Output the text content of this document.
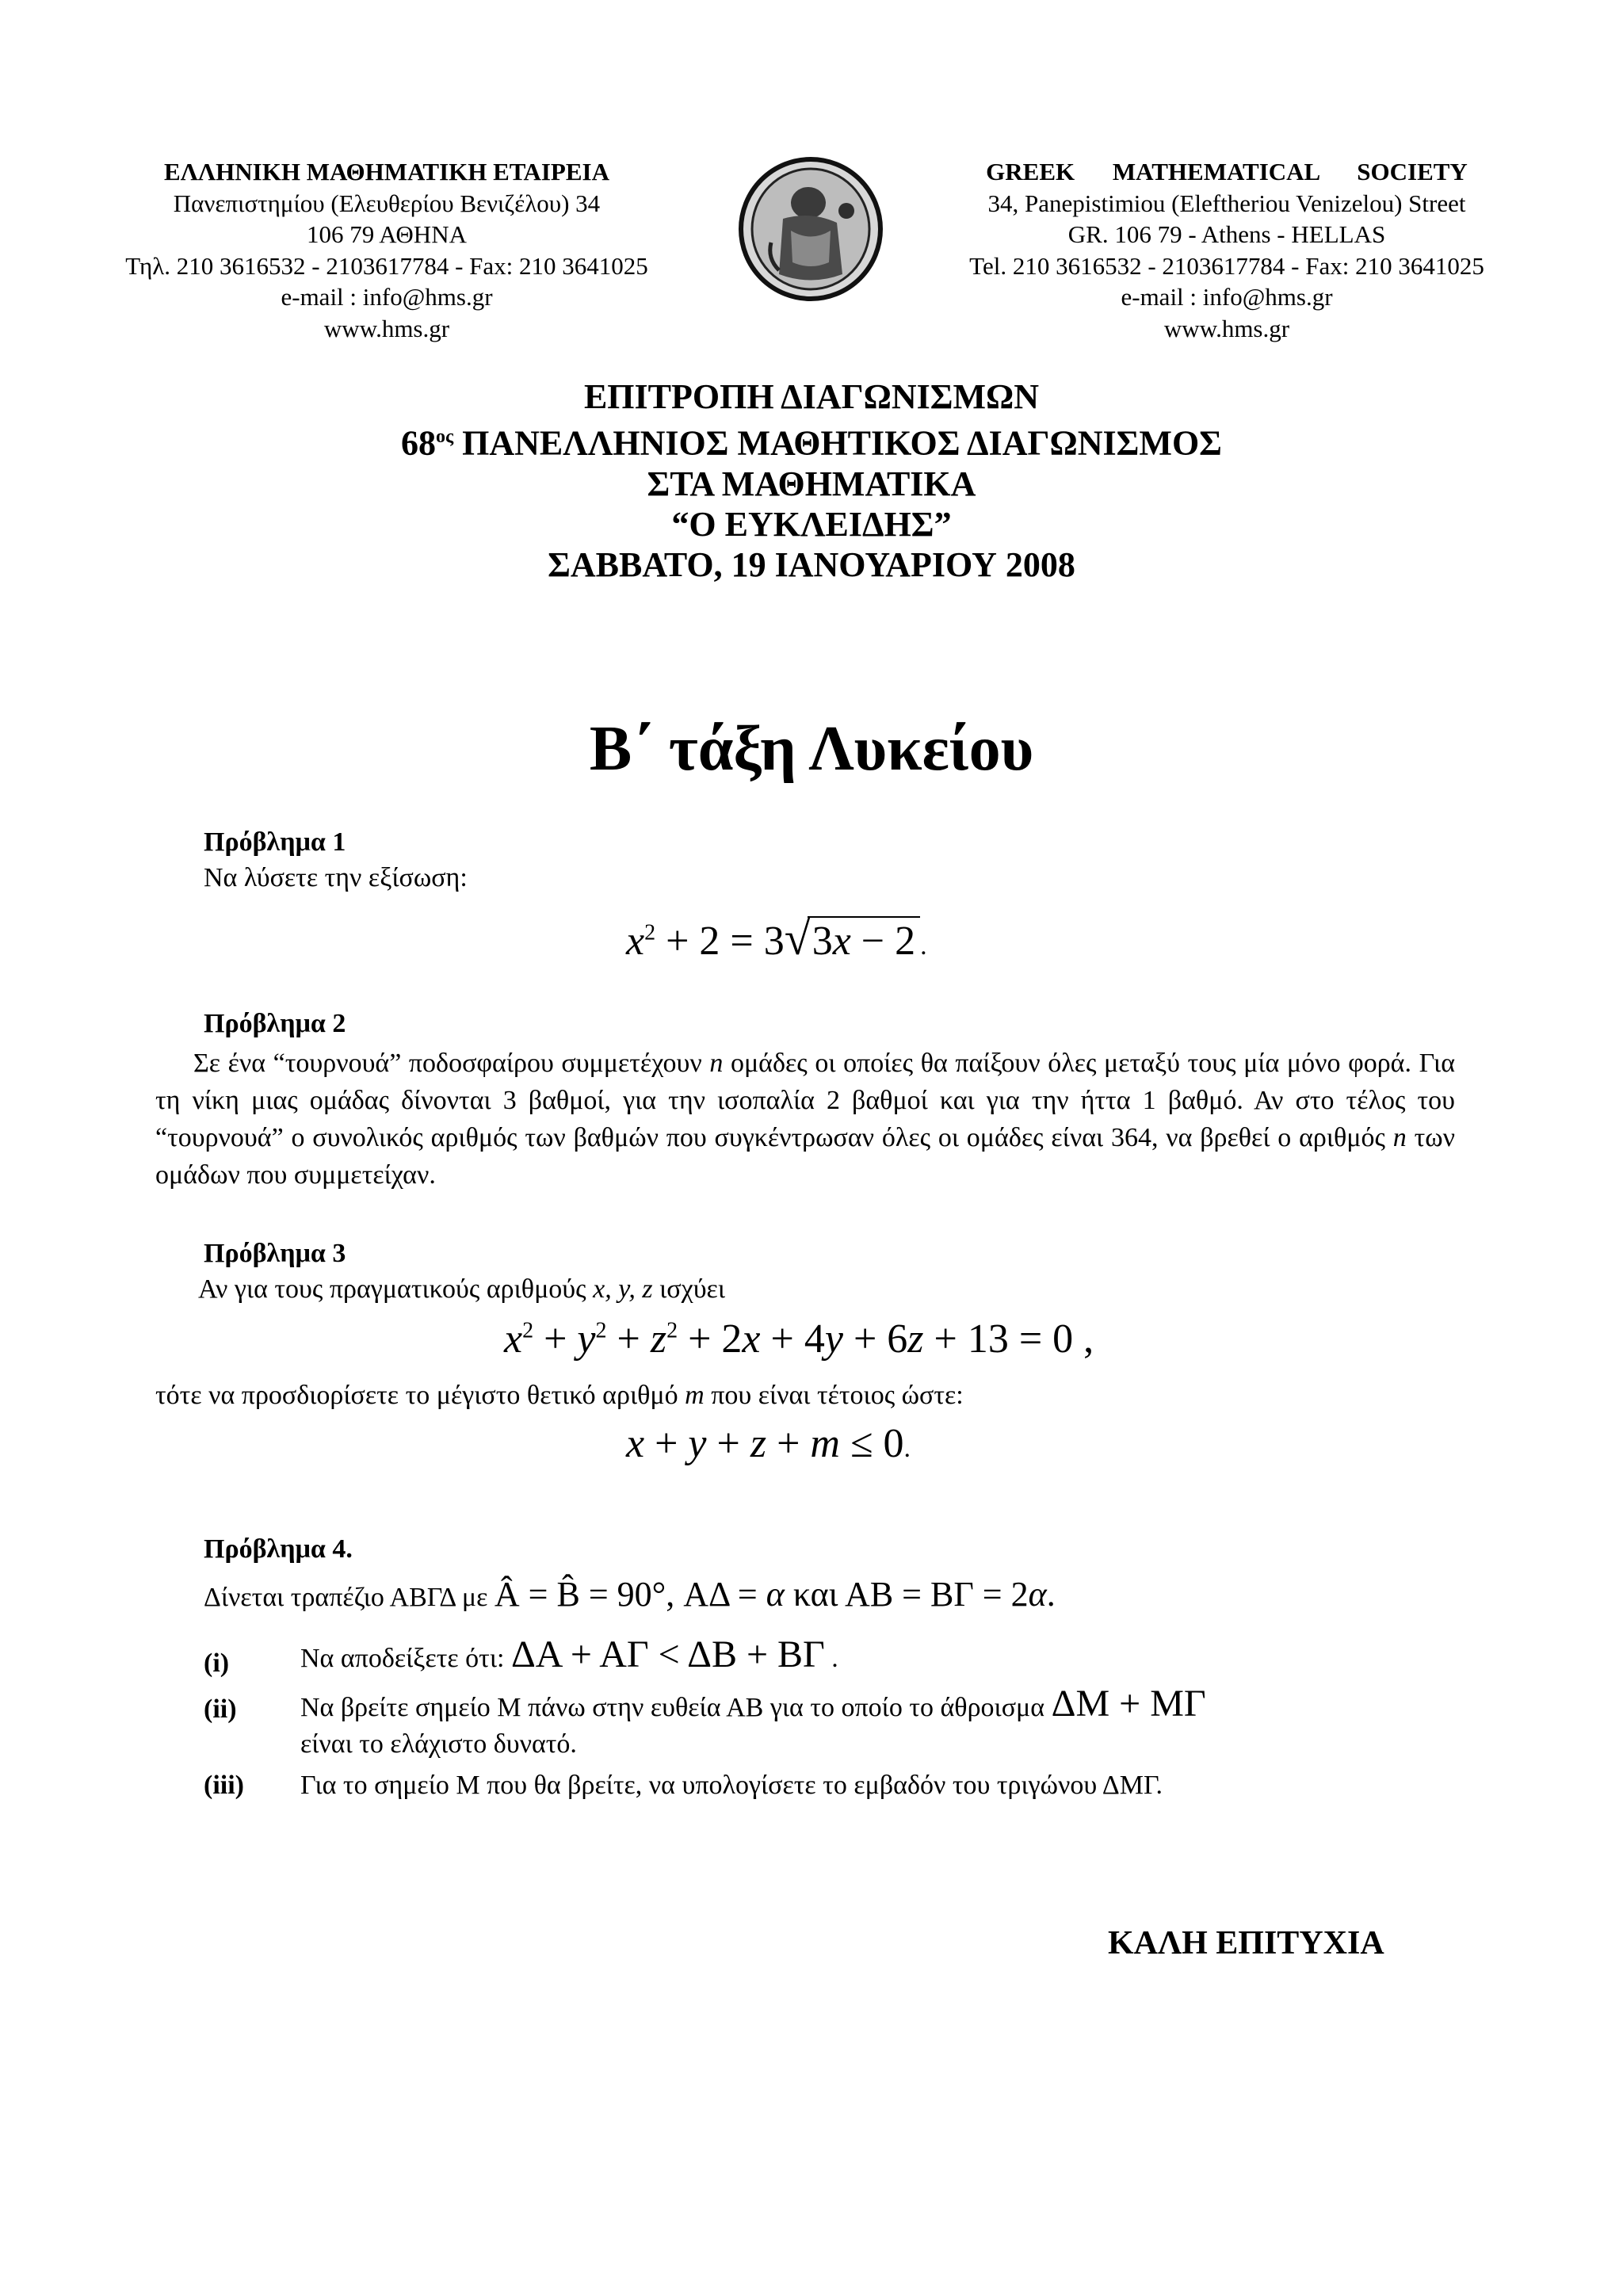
ΕΛΛΗΝΙΚΗ ΜΑΘΗΜΑΤΙΚΗ ΕΤΑΙΡΕΙΑ
Πανεπιστημίου (Ελευθερίου Βενιζέλου) 34
106 79 ΑΘΗΝΑ
Τηλ. 210 3616532 - 2103617784 - Fax: 210 3641025
e-mail : info@hms.gr
www.hms.gr
GREEK MATHEMATICAL SOCIETY
34, Panepistimiou (Eleftheriou Venizelou) Street
GR. 106 79 - Athens - HELLAS
Tel. 210 3616532 - 2103617784 - Fax: 210 3641025
e-mail : info@hms.gr
www.hms.gr
ΕΠΙΤΡΟΠΗ ΔΙΑΓΩΝΙΣΜΩΝ
$68^{o\varsigma}$ ΠΑΝΕΛΛΗΝΙΟΣ ΜΑΘΗΤΙΚΟΣ ΔΙΑΓΩΝΙΣΜΟΣ
ΣΤΑ ΜΑΘΗΜΑΤΙΚΑ
“Ο ΕΥΚΛΕΙΔΗΣ”
ΣΑΒΒΑΤΟ, 19 ΙΑΝΟΥΑΡΙΟΥ 2008
Β΄ τάξη Λυκείου
Πρόβλημα 1
Να λύσετε την εξίσωση:
$x^2 + 2 = 3√3x - 2$ .
Πρόβλημα 2
Σε ένα “τουρνουά” ποδοσφαίρου συμμετέχουν n ομάδες οι οποίες θα παίξουν όλες μεταξύ τους μία μόνο φορά. Για τη νίκη μιας ομάδας δίνονται 3 βαθμοί, για την ισοπαλία 2 βαθμοί και για την ήττα 1 βαθμό. Αν στο τέλος του “τουρνουά” ο συνολικός αριθμός των βαθμών που συγκέντρωσαν όλες οι ομάδες είναι 364, να βρεθεί ο αριθμός n των ομάδων που συμμετείχαν.
Πρόβλημα 3
Αν για τους πραγματικούς αριθμούς x, y, z ισχύει
$x^2 + y^2 + z^2 + 2x + 4y + 6z + 13 = 0$ ,
τότε να προσδιορίσετε το μέγιστο θετικό αριθμό m που είναι τέτοιος ώστε:
x + y + z + m ≤ 0.
Πρόβλημα 4.
Δίνεται τραπέζιο ΑΒΓΔ με Â = B̂ = 90°, ΑΔ = α και ΑΒ = ΒΓ = 2α.
(i)	Να αποδείξετε ότι: ΔΑ + ΑΓ < ΔΒ + ΒΓ .
(ii) Να βρείτε σημείο Μ πάνω στην ευθεία ΑΒ για το οποίο το άθροισμα ΔΜ + ΜΓ
είναι το ελάχιστο δυνατό.
(iii) Για το σημείο Μ που θα βρείτε, να υπολογίσετε το εμβαδόν του τριγώνου ΔΜΓ.
ΚΑΛΗ ΕΠΙΤΥΧΙΑ
